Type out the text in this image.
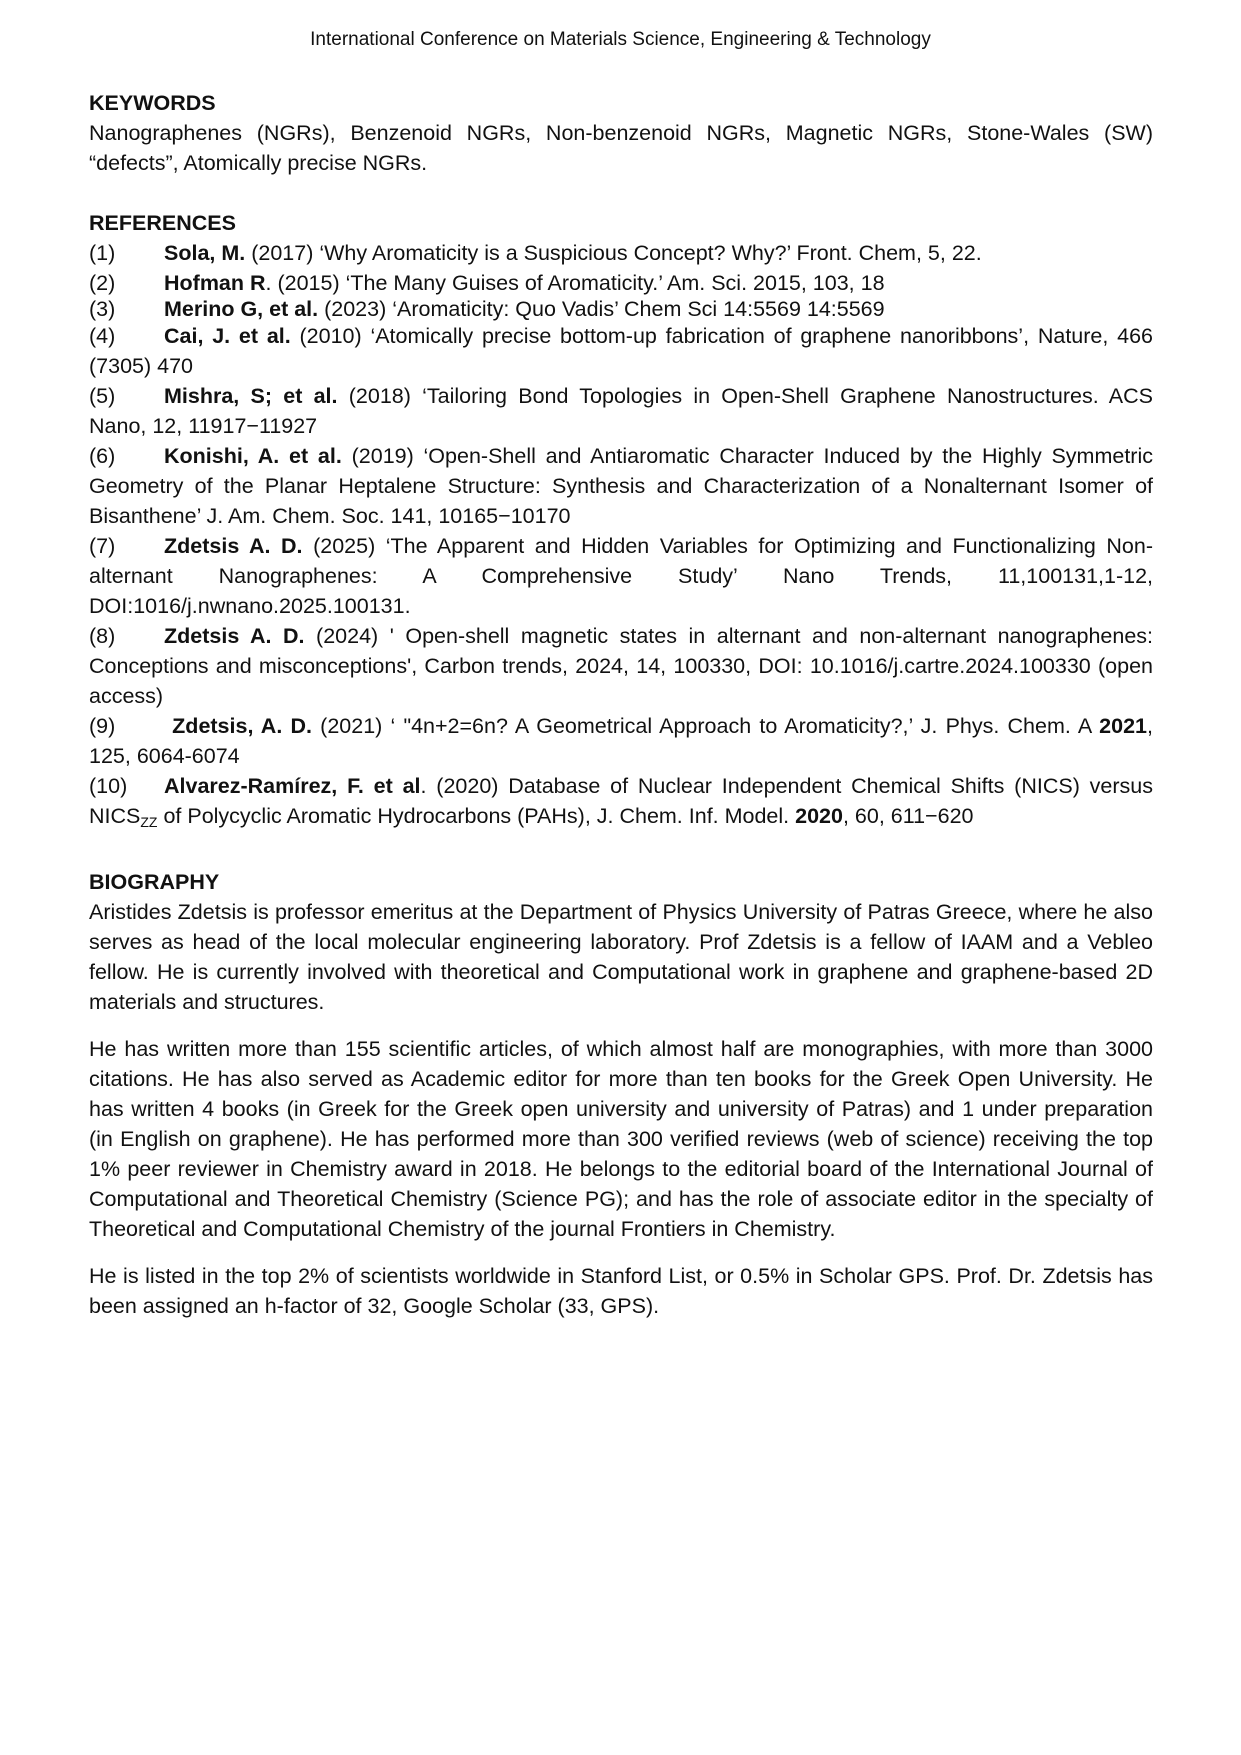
International Conference on Materials Science, Engineering & Technology

KEYWORDS

Nanographenes (NGRs), Benzenoid NGRs, Non-benzenoid NGRs, Magnetic NGRs, Stone-Wales (SW) “defects”, Atomically precise NGRs.

REFERENCES

(1) Sola, M. (2017) ‘Why Aromaticity is a Suspicious Concept? Why?’ Front. Chem, 5, 22.

(2) Hofman R. (2015) ‘The Many Guises of Aromaticity.’ Am. Sci. 2015, 103, 18

(3) Merino G, et al. (2023) ‘Aromaticity: Quo Vadis’ Chem Sci 14:5569 14:5569

(4) Cai, J. et al. (2010) ‘Atomically precise bottom-up fabrication of graphene nanoribbons’, Nature, 466 (7305) 470

(5) Mishra, S; et al. (2018) ‘Tailoring Bond Topologies in Open-Shell Graphene Nanostructures. ACS Nano, 12, 11917−11927

(6) Konishi, A. et al. (2019) ‘Open-Shell and Antiaromatic Character Induced by the Highly Symmetric Geometry of the Planar Heptalene Structure: Synthesis and Characterization of a Nonalternant Isomer of Bisanthene’ J. Am. Chem. Soc. 141, 10165−10170

(7) Zdetsis A. D. (2025) ‘The Apparent and Hidden Variables for Optimizing and Functionalizing Non-alternant Nanographenes: A Comprehensive Study’ Nano Trends, 11,100131,1-12, DOI:1016/j.nwnano.2025.100131.

(8) Zdetsis A. D. (2024) ' Open-shell magnetic states in alternant and non-alternant nanographenes: Conceptions and misconceptions', Carbon trends, 2024, 14, 100330, DOI: 10.1016/j.cartre.2024.100330 (open access)

(9) Zdetsis, A. D. (2021) ‘ "4n+2=6n? A Geometrical Approach to Aromaticity?,’ J. Phys. Chem. A 2021, 125, 6064-6074

(10) Alvarez-Ramírez, F. et al. (2020) Database of Nuclear Independent Chemical Shifts (NICS) versus $NICS_{ZZ}$ of Polycyclic Aromatic Hydrocarbons (PAHs), J. Chem. Inf. Model. 2020, 60, 611−620

BIOGRAPHY

Aristides Zdetsis is professor emeritus at the Department of Physics University of Patras Greece, where he also serves as head of the local molecular engineering laboratory. Prof Zdetsis is a fellow of IAAM and a Vebleo fellow. He is currently involved with theoretical and Computational work in graphene and graphene-based 2D materials and structures.

He has written more than 155 scientific articles, of which almost half are monographies, with more than 3000 citations. He has also served as Academic editor for more than ten books for the Greek Open University. He has written 4 books (in Greek for the Greek open university and university of Patras) and 1 under preparation (in English on graphene). He has performed more than 300 verified reviews (web of science) receiving the top 1% peer reviewer in Chemistry award in 2018. He belongs to the editorial board of the International Journal of Computational and Theoretical Chemistry (Science PG); and has the role of associate editor in the specialty of Theoretical and Computational Chemistry of the journal Frontiers in Chemistry.

He is listed in the top 2% of scientists worldwide in Stanford List, or 0.5% in Scholar GPS. Prof. Dr. Zdetsis has been assigned an h-factor of 32, Google Scholar (33, GPS).
